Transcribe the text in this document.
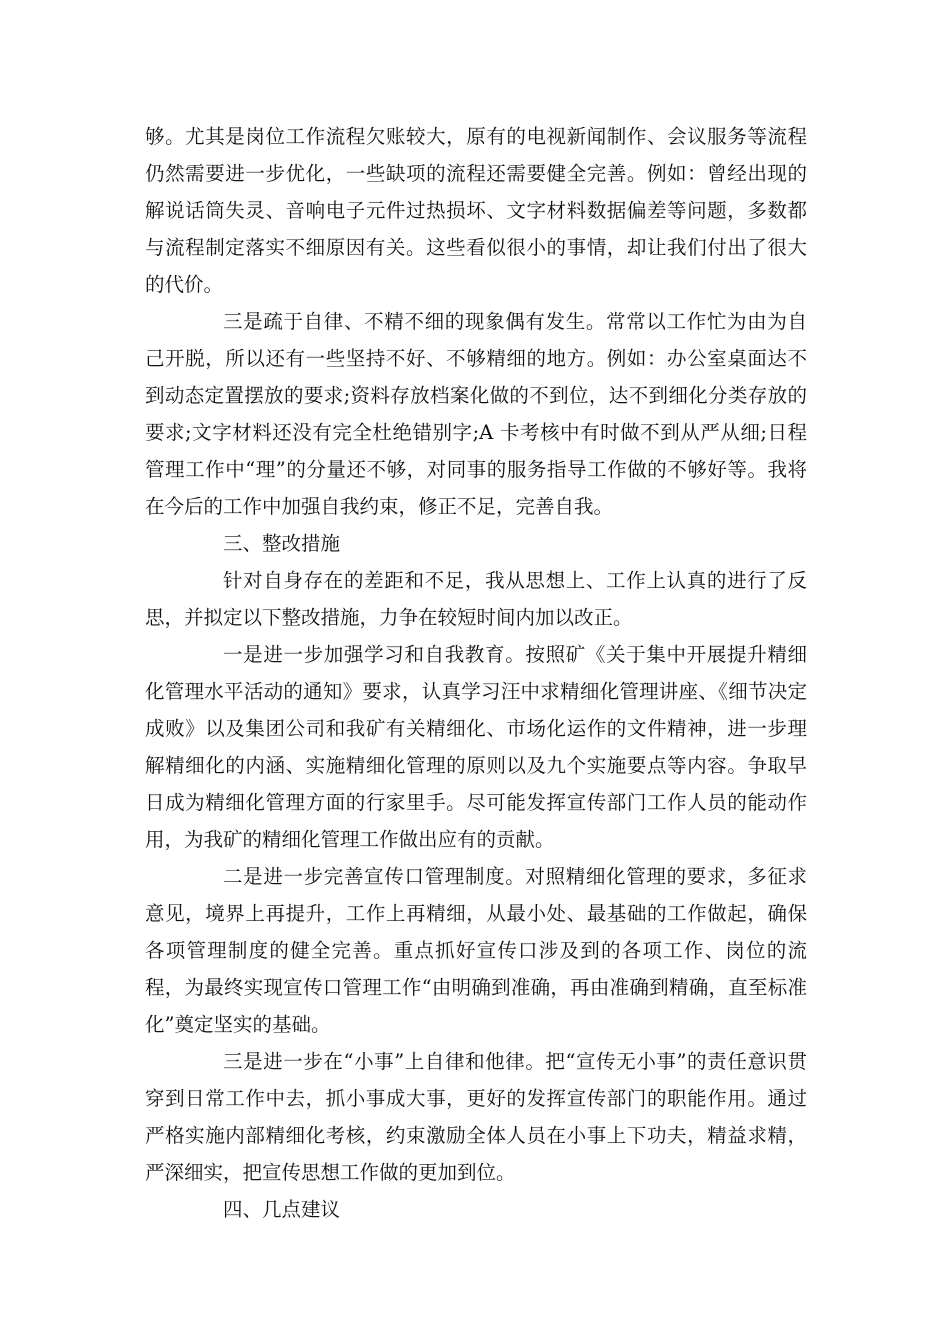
够。尤其是岗位工作流程欠账较大，原有的电视新闻制作、会议服务等流程仍然需要进一步优化，一些缺项的流程还需要健全完善。例如：曾经出现的解说话筒失灵、音响电子元件过热损坏、文字材料数据偏差等问题，多数都与流程制定落实不细原因有关。这些看似很小的事情，却让我们付出了很大的代价。

三是疏于自律、不精不细的现象偶有发生。常常以工作忙为由为自己开脱，所以还有一些坚持不好、不够精细的地方。例如：办公室桌面达不到动态定置摆放的要求;资料存放档案化做的不到位，达不到细化分类存放的要求;文字材料还没有完全杜绝错别字;A 卡考核中有时做不到从严从细;日程管理工作中“理”的分量还不够，对同事的服务指导工作做的不够好等。我将在今后的工作中加强自我约束，修正不足，完善自我。

三、整改措施

针对自身存在的差距和不足，我从思想上、工作上认真的进行了反思，并拟定以下整改措施，力争在较短时间内加以改正。

一是进一步加强学习和自我教育。按照矿《关于集中开展提升精细化管理水平活动的通知》要求，认真学习汪中求精细化管理讲座、《细节决定成败》以及集团公司和我矿有关精细化、市场化运作的文件精神，进一步理解精细化的内涵、实施精细化管理的原则以及九个实施要点等内容。争取早日成为精细化管理方面的行家里手。尽可能发挥宣传部门工作人员的能动作用，为我矿的精细化管理工作做出应有的贡献。

二是进一步完善宣传口管理制度。对照精细化管理的要求，多征求意见，境界上再提升，工作上再精细，从最小处、最基础的工作做起，确保各项管理制度的健全完善。重点抓好宣传口涉及到的各项工作、岗位的流程，为最终实现宣传口管理工作“由明确到准确，再由准确到精确，直至标准化”奠定坚实的基础。

三是进一步在“小事”上自律和他律。把“宣传无小事”的责任意识贯穿到日常工作中去，抓小事成大事，更好的发挥宣传部门的职能作用。通过严格实施内部精细化考核，约束激励全体人员在小事上下功夫，精益求精，严深细实，把宣传思想工作做的更加到位。

四、几点建议
